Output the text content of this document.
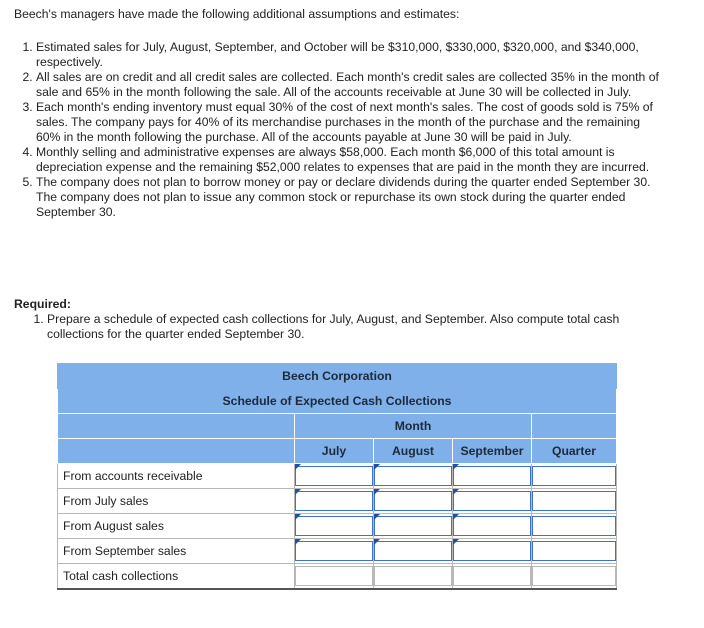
Beech's managers have made the following additional assumptions and estimates:

1. Estimated sales for July, August, September, and October will be $310,000, $330,000, $320,000, and $340,000, respectively.
2. All sales are on credit and all credit sales are collected. Each month's credit sales are collected 35% in the month of sale and 65% in the month following the sale. All of the accounts receivable at June 30 will be collected in July.
3. Each month's ending inventory must equal 30% of the cost of next month's sales. The cost of goods sold is 75% of sales. The company pays for 40% of its merchandise purchases in the month of the purchase and the remaining 60% in the month following the purchase. All of the accounts payable at June 30 will be paid in July.
4. Monthly selling and administrative expenses are always $58,000. Each month $6,000 of this total amount is depreciation expense and the remaining $52,000 relates to expenses that are paid in the month they are incurred.
5. The company does not plan to borrow money or pay or declare dividends during the quarter ended September 30. The company does not plan to issue any common stock or repurchase its own stock during the quarter ended September 30.

Required:

1. Prepare a schedule of expected cash collections for July, August, and September. Also compute total cash collections for the quarter ended September 30.
Beech Corporation				
Schedule of Expected Cash Collections				
	Month			
	July	August	September	Quarter
From accounts receivable	

From July sales	

From August sales	

From September sales	

Total cash collections	
